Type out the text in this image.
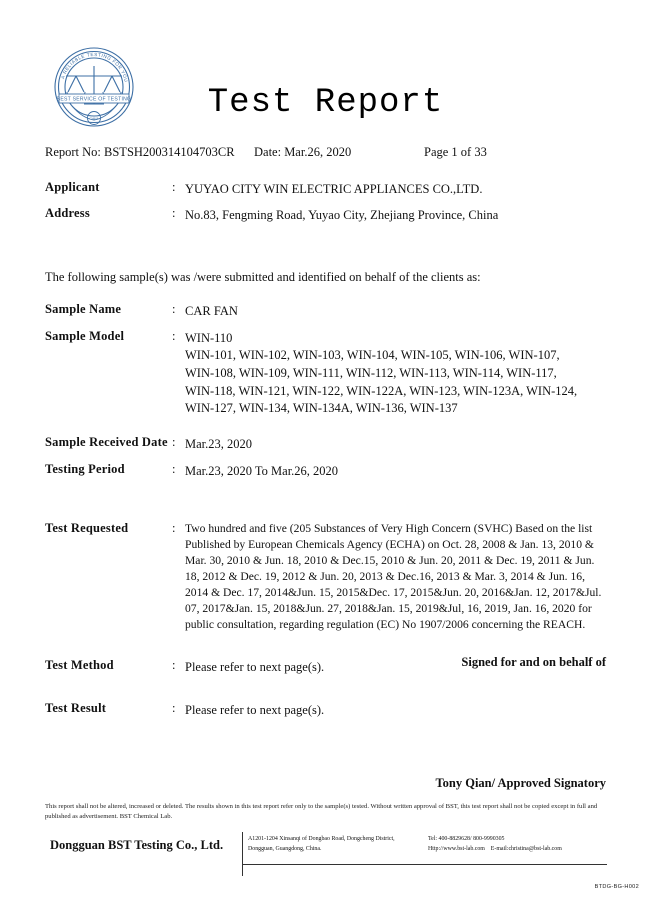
A RELIABLE TESTING FOR YOU
BEST SERVICE OF TESTING
CHINA	Test Report
Report No: BSTSH200314104703CR Date: Mar.26, 2020	Page 1 of 33
Applicant	: YUYAO CITY WIN ELECTRIC APPLIANCES CO.,LTD.
Address	: No.83, Fengming Road, Yuyao City, Zhejiang Province, China
The following sample(s) was /were submitted and identified on behalf of the clients as:
Sample Name	: CAR FAN
Sample Model	: WIN-110
WIN-101, WIN-102, WIN-103, WIN-104, WIN-105, WIN-106, WIN-107,
WIN-108, WIN-109, WIN-111, WIN-112, WIN-113, WIN-114, WIN-117,
WIN-118, WIN-121, WIN-122, WIN-122A, WIN-123, WIN-123A, WIN-124,
WIN-127, WIN-134, WIN-134A, WIN-136, WIN-137
Sample Received Date : Mar.23, 2020
Testing Period	: Mar.23, 2020 To Mar.26, 2020
Test Requested	: Two hundred and five (205 Substances of Very High Concern (SVHC) Based on the list Published by European Chemicals Agency (ECHA) on Oct. 28, 2008 & Jan. 13, 2010 & Mar. 30, 2010 & Jun. 18, 2010 & Dec.15, 2010 & Jun. 20, 2011 & Dec. 19, 2011 & Jun. 18, 2012 & Dec. 19, 2012 & Jun. 20, 2013 & Dec.16, 2013 & Mar. 3, 2014 & Jun. 16, 2014 & Dec. 17, 2014&Jun. 15, 2015&Dec. 17, 2015&Jun. 20, 2016&Jan. 12, 2017&Jul. 07, 2017&Jan. 15, 2018&Jun. 27, 2018&Jan. 15, 2019&Jul, 16, 2019, Jan. 16, 2020 for public consultation, regarding regulation (EC) No 1907/2006 concerning the REACH.
Test Method	: Please refer to next page(s).
Test Result	: Please refer to next page(s).
Signed for and on behalf of
Tony Qian/ Approved Signatory
This report shall not be altered, increased or deleted. The results shown in this test report refer only to the sample(s) tested. Without written approval of BST, this test report shall not be copied except in full and published as advertisement. BST Chemical Lab.
Dongguan BST Testing Co., Ltd.	A1201-1204 Xinsanqi of Dongbao Road, Dongcheng District,
Dongguan, Guangdong, China.
Tel: 400-8829628/ 800-9990305
Http://www.bst-lab.com E-mail:christina@bst-lab.com
BTDG-BG-H002
